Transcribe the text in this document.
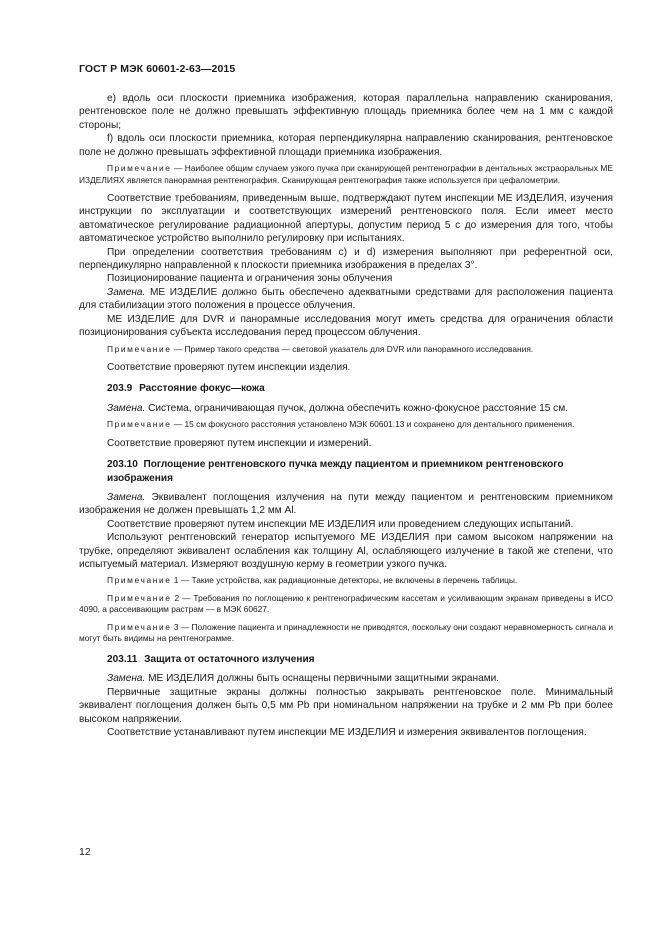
ГОСТ Р МЭК 60601-2-63—2015

e) вдоль оси плоскости приемника изображения, которая параллельна направлению сканирования, рентгеновское поле не должно превышать эффективную площадь приемника более чем на 1 мм с каждой стороны;

f) вдоль оси плоскости приемника, которая перпендикулярна направлению сканирования, рентгеновское поле не должно превышать эффективной площади приемника изображения.

Примечание — Наиболее общим случаем узкого пучка при сканирующей рентгенографии в дентальных экстраоральных МЕ ИЗДЕЛИЯХ является панорамная рентгенография. Сканирующая рентгенография также используется при цефалометрии.

Соответствие требованиям, приведенным выше, подтверждают путем инспекции МЕ ИЗДЕЛИЯ, изучения инструкции по эксплуатации и соответствующих измерений рентгеновского поля. Если имеет место автоматическое регулирование радиационной апертуры, допустим период 5 с до измерения для того, чтобы автоматическое устройство выполнило регулировку при испытаниях.

При определении соответствия требованиям c) и d) измерения выполняют при референтной оси, перпендикулярно направленной к плоскости приемника изображения в пределах 3°.

Позиционирование пациента и ограничения зоны облучения

Замена. МЕ ИЗДЕЛИЕ должно быть обеспечено адекватными средствами для расположения пациента для стабилизации этого положения в процессе облучения.

МЕ ИЗДЕЛИЕ для DVR и панорамные исследования могут иметь средства для ограничения области позиционирования субъекта исследования перед процессом облучения.

Примечание — Пример такого средства — световой указатель для DVR или панорамного исследования.

Соответствие проверяют путем инспекции изделия.

203.9 Расстояние фокус—кожа

Замена. Система, ограничивающая пучок, должна обеспечить кожно-фокусное расстояние 15 см.

Примечание — 15 см фокусного расстояния установлено МЭК 60601.13 и сохранено для дентального применения.

Соответствие проверяют путем инспекции и измерений.

203.10 Поглощение рентгеновского пучка между пациентом и приемником рентгеновского
изображения

Замена. Эквивалент поглощения излучения на пути между пациентом и рентгеновским приемником изображения не должен превышать 1,2 мм Al.

Соответствие проверяют путем инспекции МЕ ИЗДЕЛИЯ или проведением следующих испытаний.

Используют рентгеновский генератор испытуемого МЕ ИЗДЕЛИЯ при самом высоком напряжении на трубке, определяют эквивалент ослабления как толщину Al, ослабляющего излучение в такой же степени, что испытуемый материал. Измеряют воздушную керму в геометрии узкого пучка.

Примечание 1 — Такие устройства, как радиационные детекторы, не включены в перечень таблицы.

Примечание 2 — Требования по поглощению к рентгенографическим кассетам и усиливающим экранам приведены в ИСО 4090, а рассеивающим растрам — в МЭК 60627.

Примечание 3 — Положение пациента и принадлежности не приводятся, поскольку они создают неравномерность сигнала и могут быть видимы на рентгенограмме.

203.11 Защита от остаточного излучения

Замена. МЕ ИЗДЕЛИЯ должны быть оснащены первичными защитными экранами.

Первичные защитные экраны должны полностью закрывать рентгеновское поле. Минимальный эквивалент поглощения должен быть 0,5 мм Pb при номинальном напряжении на трубке и 2 мм Pb при более высоком напряжении.

Соответствие устанавливают путем инспекции МЕ ИЗДЕЛИЯ и измерения эквивалентов поглощения.

12
